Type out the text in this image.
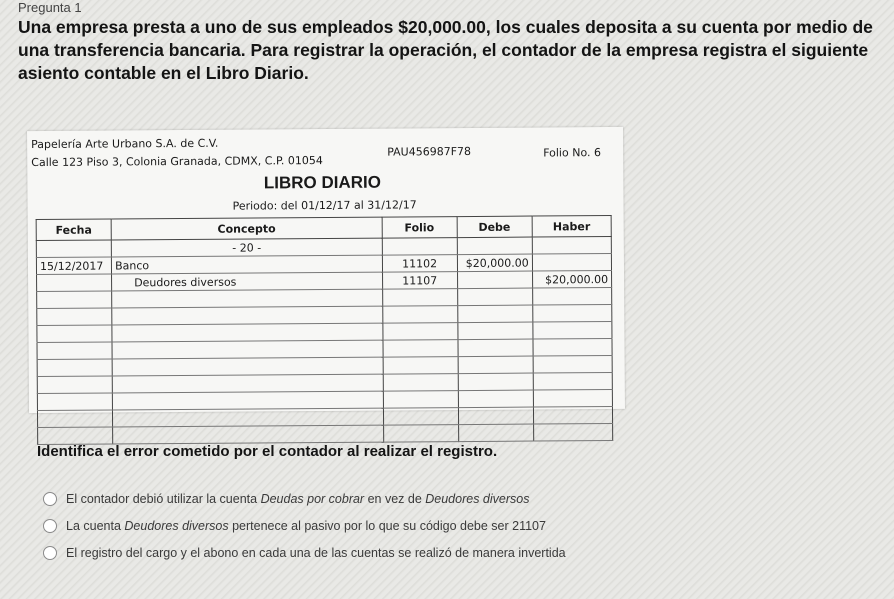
Pregunta 1
Una empresa presta a uno de sus empleados $20,000.00, los cuales deposita a su cuenta por medio de una transferencia bancaria. Para registrar la operación, el contador de la empresa registra el siguiente asiento contable en el Libro Diario.
Papelería Arte Urbano S.A. de C.V.
Calle 123 Piso 3, Colonia Granada, CDMX, C.P. 01054
PAU456987F78	Folio No. 6
LIBRO DIARIO
Periodo: del 01/12/17 al 31/12/17
Fecha	Concepto	Folio	Debe	Haber
	- 20 -			
15/12/2017	Banco	11102	$20,000.00	
	Deudores diversos	11107		$20,000.00

Identifica el error cometido por el contador al realizar el registro.
El contador debió utilizar la cuenta Deudas por cobrar en vez de Deudores diversos
La cuenta Deudores diversos pertenece al pasivo por lo que su código debe ser 21107
El registro del cargo y el abono en cada una de las cuentas se realizó de manera invertida
